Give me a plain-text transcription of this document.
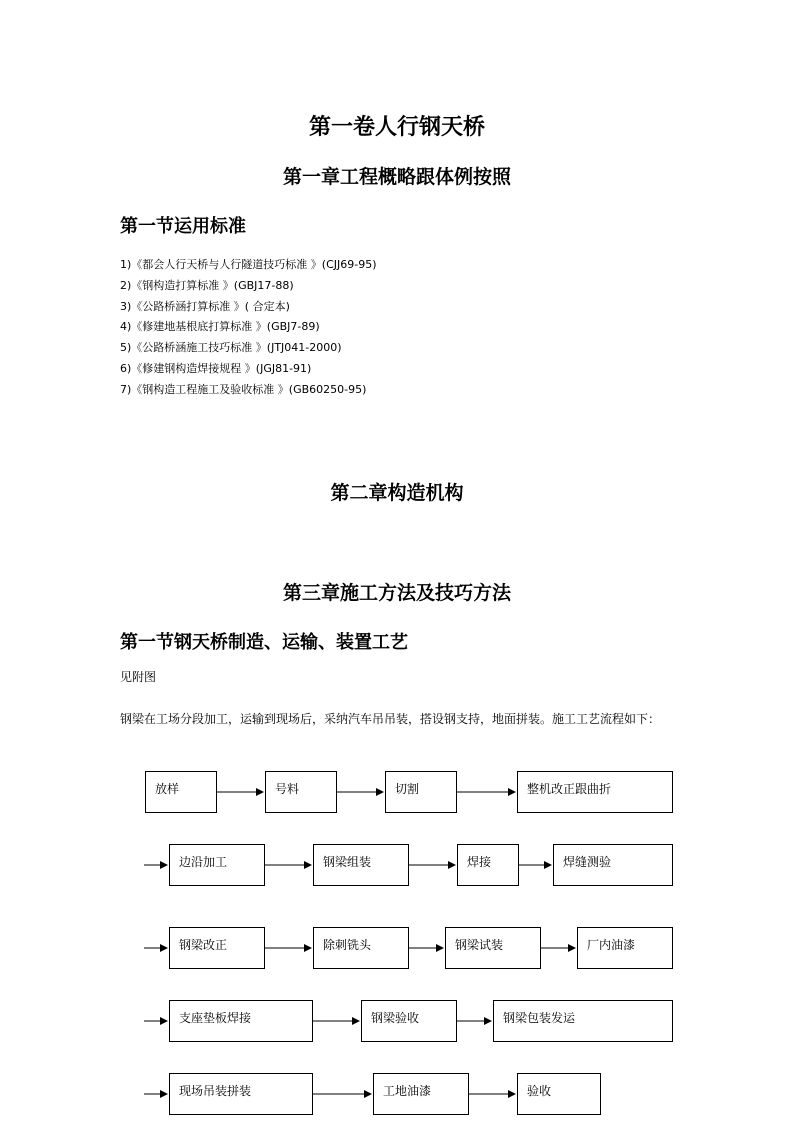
第一卷人行钢天桥
第一章工程概略跟体例按照
第一节运用标准
1)《都会人行天桥与人行隧道技巧标准 》(CJJ69-95)
2)《钢构造打算标准 》(GBJ17-88)
3)《公路桥涵打算标准 》( 合定本)
4)《修建地基根底打算标准 》(GBJ7-89)
5)《公路桥涵施工技巧标准 》(JTJ041-2000)
6)《修建钢构造焊接规程 》(JGJ81-91)
7)《钢构造工程施工及验收标准 》(GB60250-95)
第二章构造机构
第三章施工方法及技巧方法
第一节钢天桥制造、运输、装置工艺
见附图
钢梁在工场分段加工，运输到现场后，采纳汽车吊吊装，搭设钢支持，地面拼装。施工工艺流程如下：
放样	号料	切割	整机改正跟曲折
边沿加工	钢梁组装	焊接	焊缝测验
钢梁改正	除刺铣头	钢梁试装	厂内油漆
支座垫板焊接	钢梁验收	钢梁包装发运
现场吊装拼装	工地油漆	验收
